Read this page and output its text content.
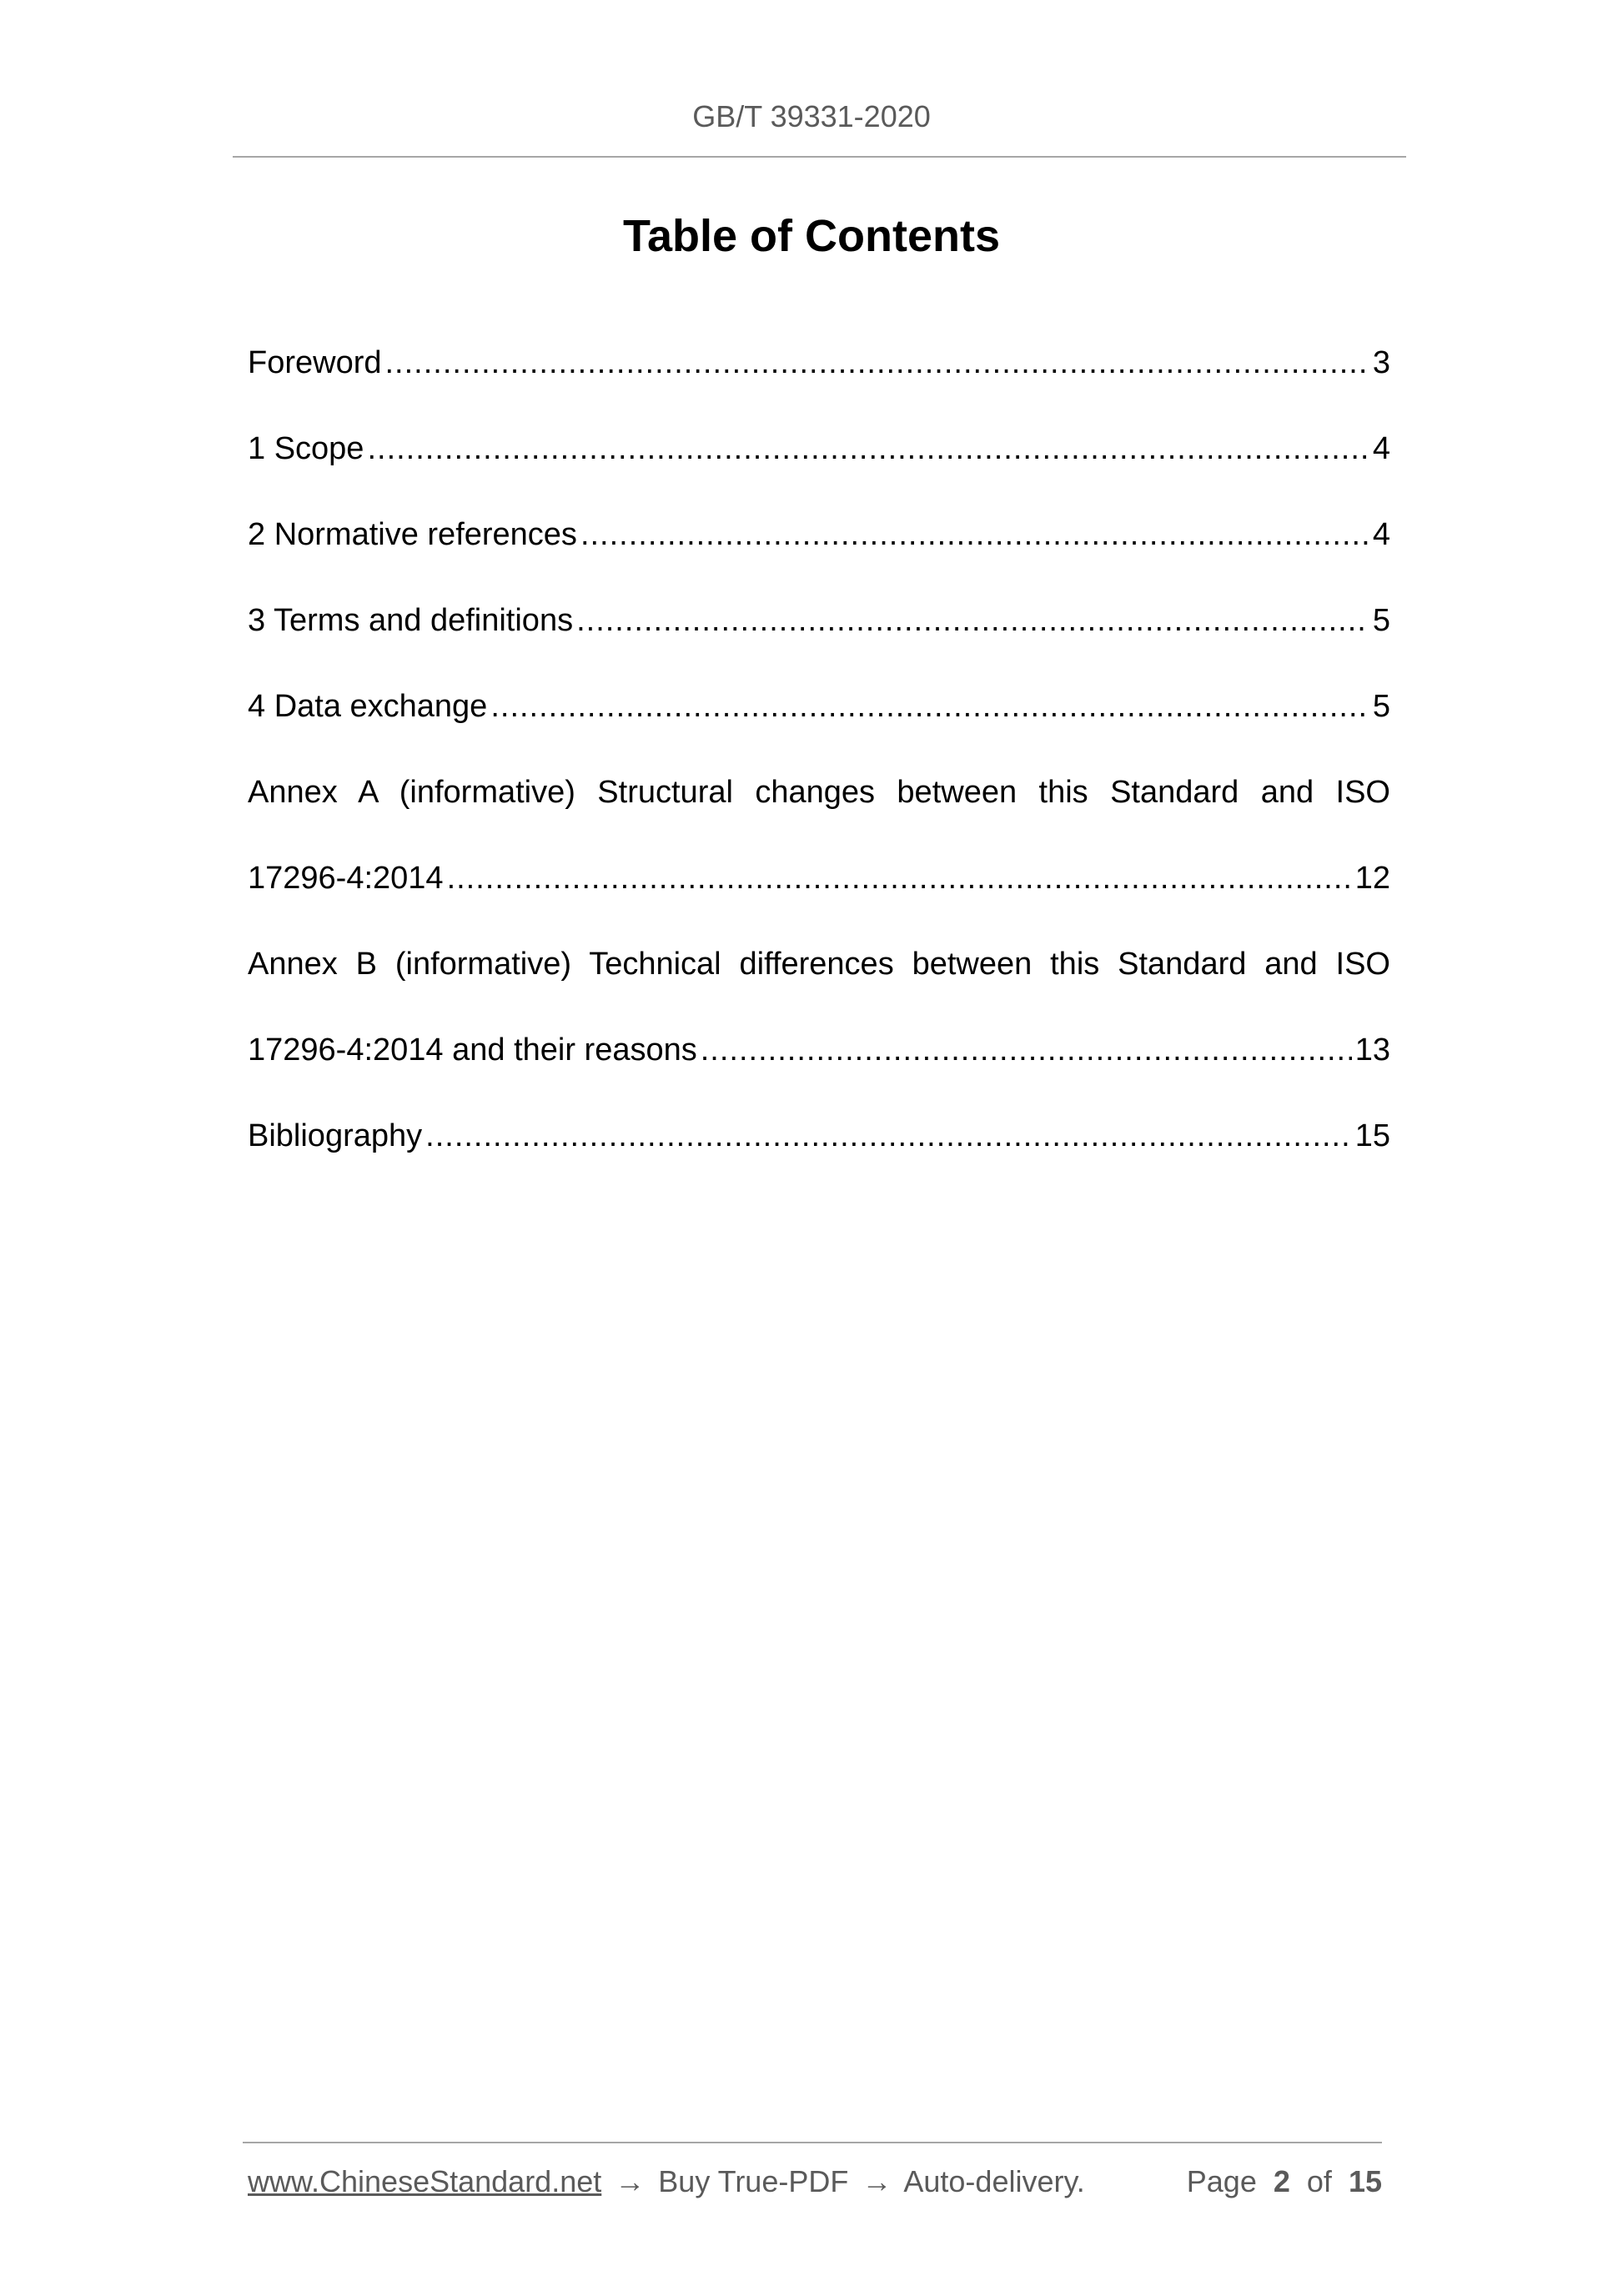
GB/T 39331-2020
Table of Contents
Foreword .....	3
1 Scope .....	4
2 Normative references .....	4
3 Terms and definitions .....	5
4 Data exchange .....	5
Annex A (informative) Structural changes between this Standard and ISO
17296-4:2014 .....	12
Annex B (informative) Technical differences between this Standard and ISO
17296-4:2014 and their reasons .....	13
Bibliography .....	15
www.ChineseStandard.net → Buy True-PDF → Auto-delivery.	Page 2 of 15
